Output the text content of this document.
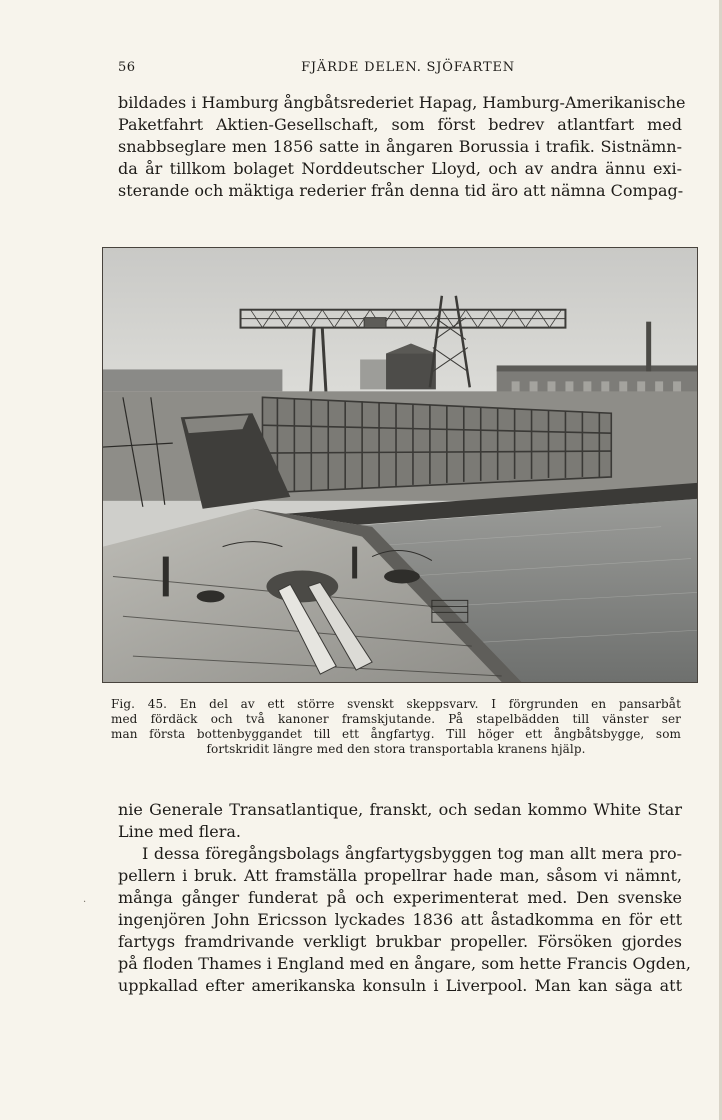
56	FJÄRDE DELEN. SJÖFARTEN
bildades i Hamburg ångbåtsrederiet Hapag, Hamburg-Amerikanische
Paketfahrt Aktien-Gesellschaft, som först bedrev atlantfart med
snabbseglare men 1856 satte in ångaren Borussia i trafik. Sistnämn-
da år tillkom bolaget Norddeutscher Lloyd, och av andra ännu exi-
sterande och mäktiga rederier från denna tid äro att nämna Compag-
Fig. 45. En del av ett större svenskt skeppsvarv. I förgrunden en pansarbåt
med fördäck och två kanoner framskjutande. På stapelbädden till vänster ser
man första bottenbyggandet till ett ångfartyg. Till höger ett ångbåtsbygge, som
fortskridit längre med den stora transportabla kranens hjälp.
nie Generale Transatlantique, franskt, och sedan kommo White Star
Line med flera.
I dessa föregångsbolags ångfartygsbyggen tog man allt mera pro-
pellern i bruk. Att framställa propellrar hade man, såsom vi nämnt,
många gånger funderat på och experimenterat med. Den svenske
ingenjören John Ericsson lyckades 1836 att åstadkomma en för ett
fartygs framdrivande verkligt brukbar propeller. Försöken gjordes
på floden Thames i England med en ångare, som hette Francis Ogden,
uppkallad efter amerikanska konsuln i Liverpool. Man kan säga att
·
